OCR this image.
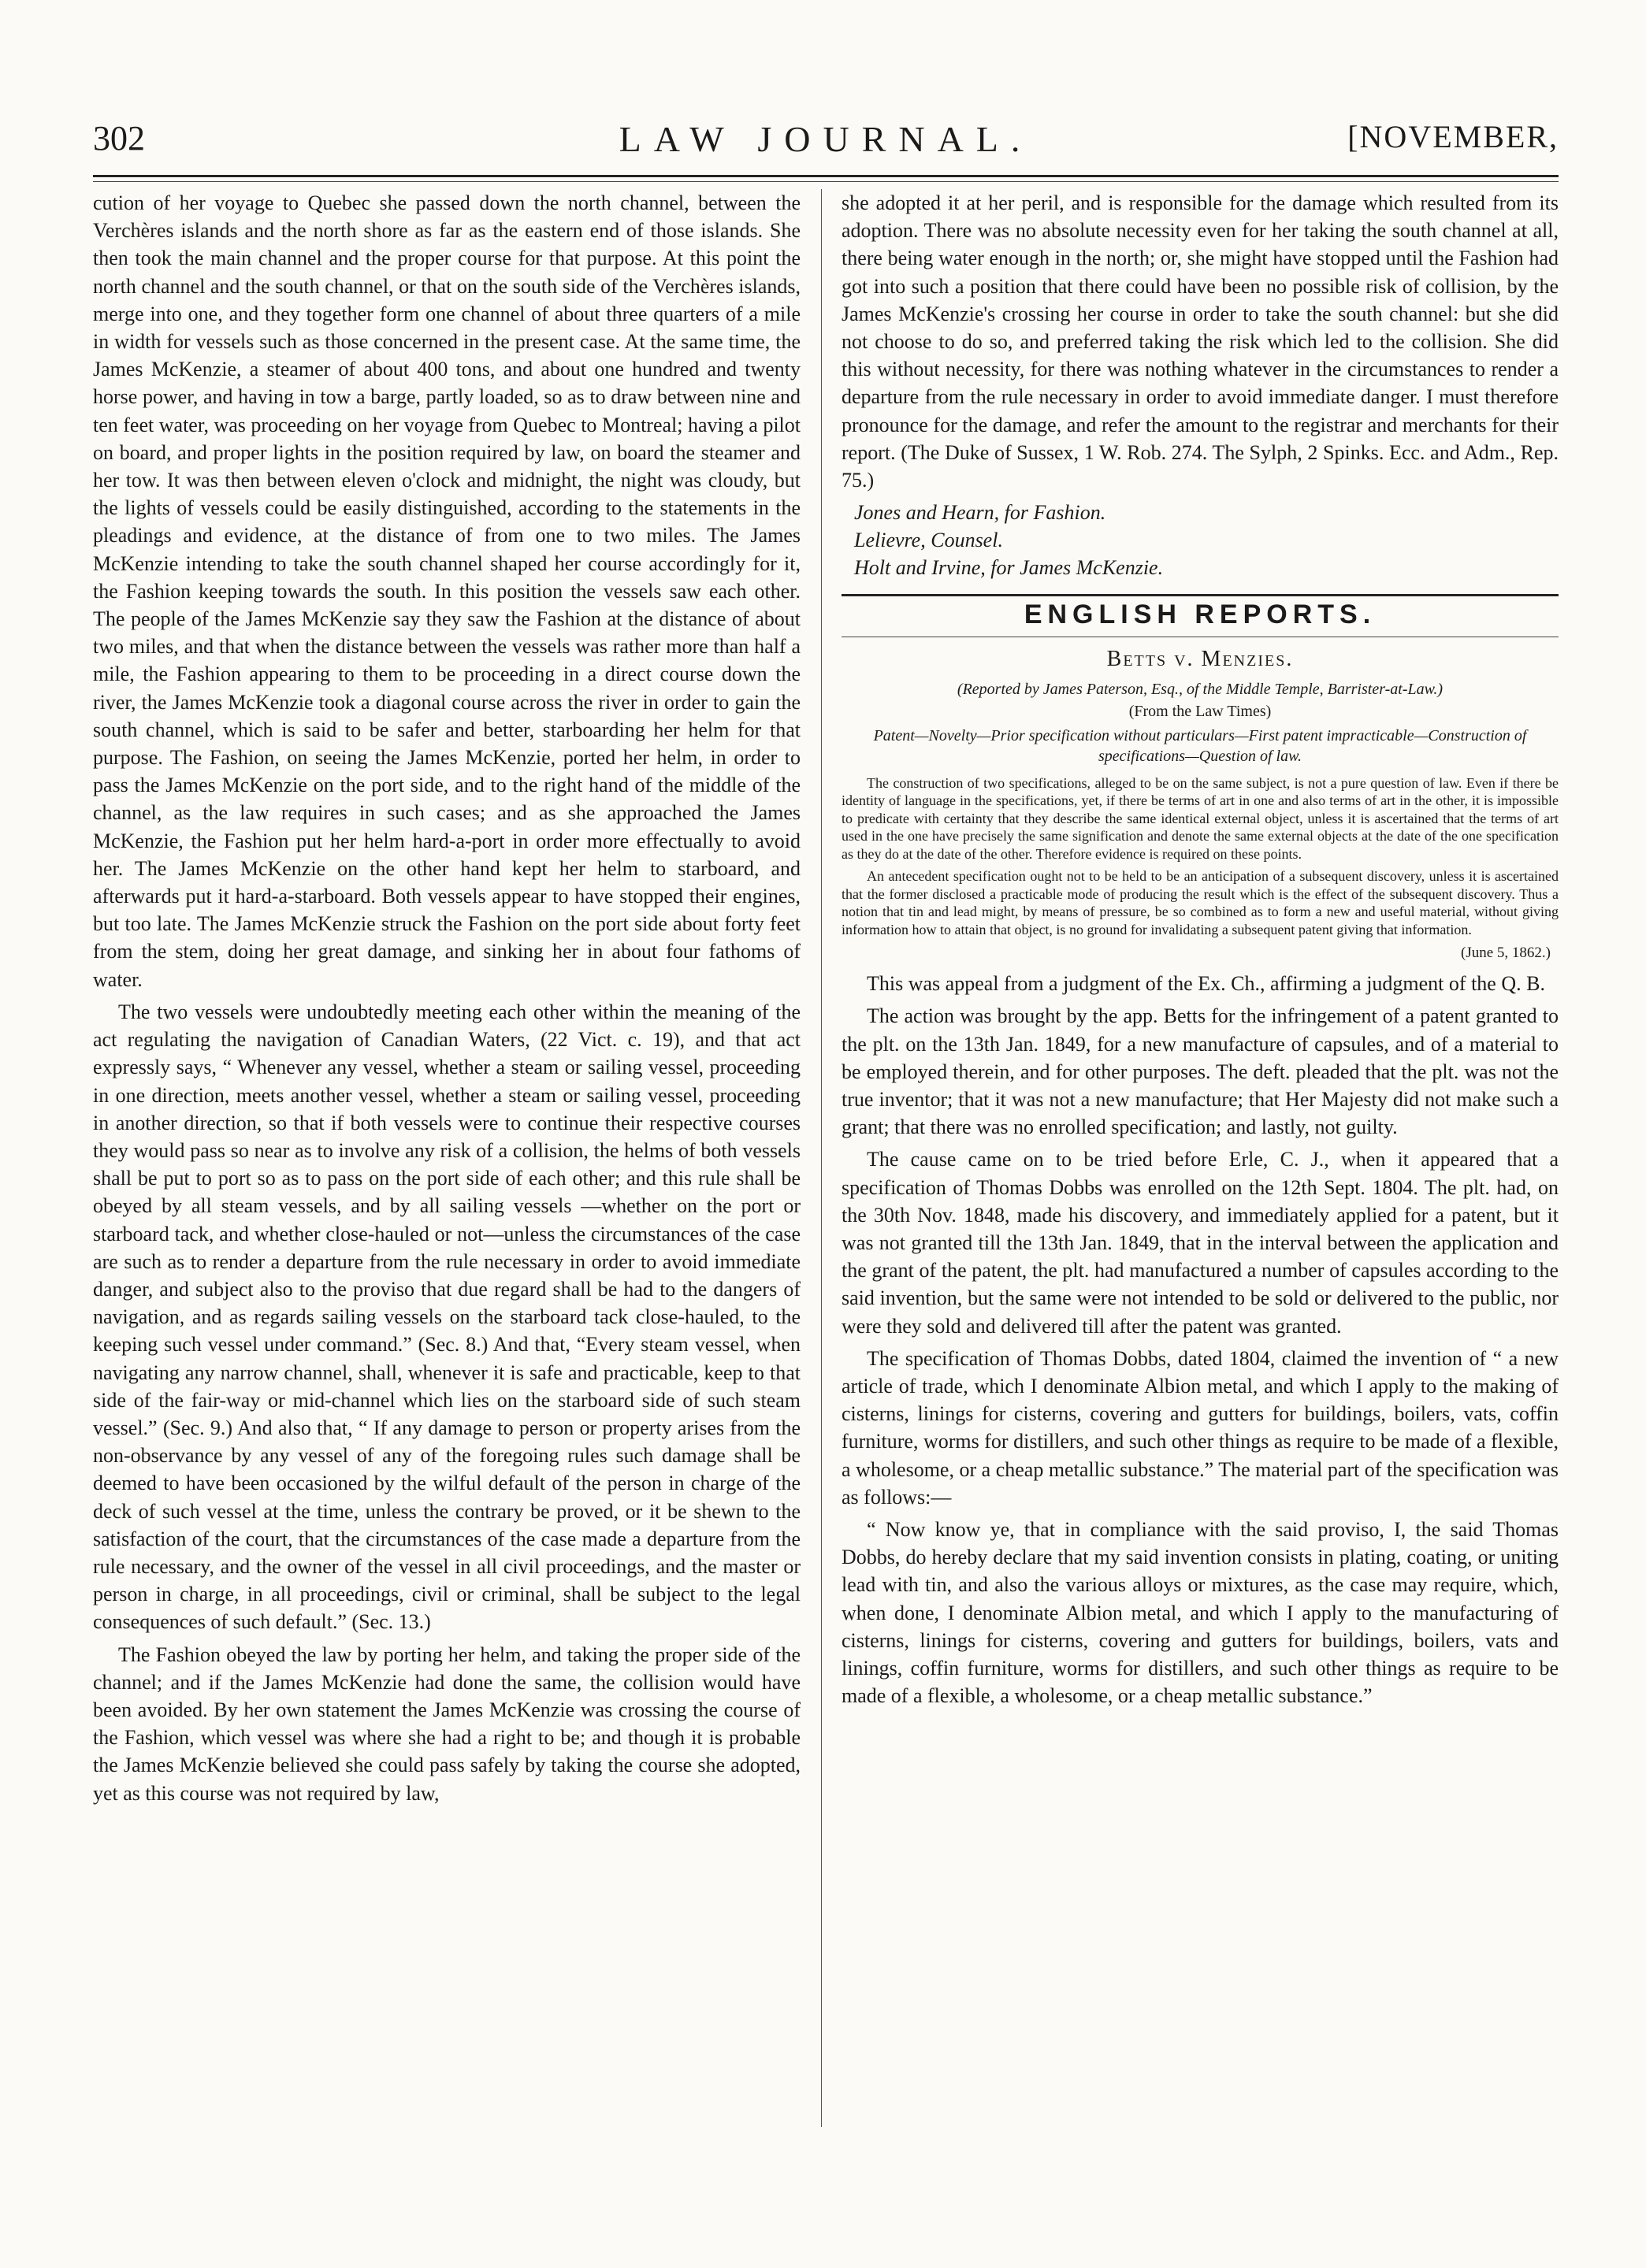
302	LAW JOURNAL.	[NOVEMBER,

cution of her voyage to Quebec she passed down the north channel, between the Verchères islands and the north shore as far as the eastern end of those islands. She then took the main channel and the proper course for that purpose. At this point the north channel and the south channel, or that on the south side of the Verchères islands, merge into one, and they together form one channel of about three quarters of a mile in width for vessels such as those concerned in the present case. At the same time, the James McKenzie, a steamer of about 400 tons, and about one hundred and twenty horse power, and having in tow a barge, partly loaded, so as to draw between nine and ten feet water, was proceeding on her voyage from Quebec to Montreal; having a pilot on board, and proper lights in the position required by law, on board the steamer and her tow. It was then between eleven o'clock and midnight, the night was cloudy, but the lights of vessels could be easily distinguished, according to the statements in the pleadings and evidence, at the distance of from one to two miles. The James McKenzie intending to take the south channel shaped her course accordingly for it, the Fashion keeping towards the south. In this position the vessels saw each other. The people of the James McKenzie say they saw the Fashion at the distance of about two miles, and that when the distance between the vessels was rather more than half a mile, the Fashion appearing to them to be proceeding in a direct course down the river, the James McKenzie took a diagonal course across the river in order to gain the south channel, which is said to be safer and better, starboarding her helm for that purpose. The Fashion, on seeing the James McKenzie, ported her helm, in order to pass the James McKenzie on the port side, and to the right hand of the middle of the channel, as the law requires in such cases; and as she approached the James McKenzie, the Fashion put her helm hard-a-port in order more effectually to avoid her. The James McKenzie on the other hand kept her helm to starboard, and afterwards put it hard-a-starboard. Both vessels appear to have stopped their engines, but too late. The James McKenzie struck the Fashion on the port side about forty feet from the stem, doing her great damage, and sinking her in about four fathoms of water.

The two vessels were undoubtedly meeting each other within the meaning of the act regulating the navigation of Canadian Waters, (22 Vict. c. 19), and that act expressly says, “ Whenever any vessel, whether a steam or sailing vessel, proceeding in one direction, meets another vessel, whether a steam or sailing vessel, proceeding in another direction, so that if both vessels were to continue their respective courses they would pass so near as to involve any risk of a collision, the helms of both vessels shall be put to port so as to pass on the port side of each other; and this rule shall be obeyed by all steam vessels, and by all sailing vessels —whether on the port or starboard tack, and whether close-hauled or not—unless the circumstances of the case are such as to render a departure from the rule necessary in order to avoid immediate danger, and subject also to the proviso that due regard shall be had to the dangers of navigation, and as regards sailing vessels on the starboard tack close-hauled, to the keeping such vessel under command.” (Sec. 8.) And that, “Every steam vessel, when navigating any narrow channel, shall, whenever it is safe and practicable, keep to that side of the fair-way or mid-channel which lies on the starboard side of such steam vessel.” (Sec. 9.) And also that, “ If any damage to person or property arises from the non-observance by any vessel of any of the foregoing rules such damage shall be deemed to have been occasioned by the wilful default of the person in charge of the deck of such vessel at the time, unless the contrary be proved, or it be shewn to the satisfaction of the court, that the circumstances of the case made a departure from the rule necessary, and the owner of the vessel in all civil proceedings, and the master or person in charge, in all proceedings, civil or criminal, shall be subject to the legal consequences of such default.” (Sec. 13.)

The Fashion obeyed the law by porting her helm, and taking the proper side of the channel; and if the James McKenzie had done the same, the collision would have been avoided. By her own statement the James McKenzie was crossing the course of the Fashion, which vessel was where she had a right to be; and though it is probable the James McKenzie believed she could pass safely by taking the course she adopted, yet as this course was not required by law,

she adopted it at her peril, and is responsible for the damage which resulted from its adoption. There was no absolute necessity even for her taking the south channel at all, there being water enough in the north; or, she might have stopped until the Fashion had got into such a position that there could have been no possible risk of collision, by the James McKenzie's crossing her course in order to take the south channel: but she did not choose to do so, and preferred taking the risk which led to the collision. She did this without necessity, for there was nothing whatever in the circumstances to render a departure from the rule necessary in order to avoid immediate danger. I must therefore pronounce for the damage, and refer the amount to the registrar and merchants for their report. (The Duke of Sussex, 1 W. Rob. 274. The Sylph, 2 Spinks. Ecc. and Adm., Rep. 75.)

Jones and Hearn, for Fashion.
Lelievre, Counsel.
Holt and Irvine, for James McKenzie.
ENGLISH REPORTS.
Betts v. Menzies.
(Reported by James Paterson, Esq., of the Middle Temple, Barrister-at-Law.)
(From the Law Times)
Patent—Novelty—Prior specification without particulars—First patent impracticable—Construction of specifications—Question of law.

The construction of two specifications, alleged to be on the same subject, is not a pure question of law. Even if there be identity of language in the specifications, yet, if there be terms of art in one and also terms of art in the other, it is impossible to predicate with certainty that they describe the same identical external object, unless it is ascertained that the terms of art used in the one have precisely the same signification and denote the same external objects at the date of the one specification as they do at the date of the other. Therefore evidence is required on these points.

An antecedent specification ought not to be held to be an anticipation of a subsequent discovery, unless it is ascertained that the former disclosed a practicable mode of producing the result which is the effect of the subsequent discovery. Thus a notion that tin and lead might, by means of pressure, be so combined as to form a new and useful material, without giving information how to attain that object, is no ground for invalidating a subsequent patent giving that information.

(June 5, 1862.)

This was appeal from a judgment of the Ex. Ch., affirming a judgment of the Q. B.

The action was brought by the app. Betts for the infringement of a patent granted to the plt. on the 13th Jan. 1849, for a new manufacture of capsules, and of a material to be employed therein, and for other purposes. The deft. pleaded that the plt. was not the true inventor; that it was not a new manufacture; that Her Majesty did not make such a grant; that there was no enrolled specification; and lastly, not guilty.

The cause came on to be tried before Erle, C. J., when it appeared that a specification of Thomas Dobbs was enrolled on the 12th Sept. 1804. The plt. had, on the 30th Nov. 1848, made his discovery, and immediately applied for a patent, but it was not granted till the 13th Jan. 1849, that in the interval between the application and the grant of the patent, the plt. had manufactured a number of capsules according to the said invention, but the same were not intended to be sold or delivered to the public, nor were they sold and delivered till after the patent was granted.

The specification of Thomas Dobbs, dated 1804, claimed the invention of “ a new article of trade, which I denominate Albion metal, and which I apply to the making of cisterns, linings for cisterns, covering and gutters for buildings, boilers, vats, coffin furniture, worms for distillers, and such other things as require to be made of a flexible, a wholesome, or a cheap metallic substance.” The material part of the specification was as follows:—

“ Now know ye, that in compliance with the said proviso, I, the said Thomas Dobbs, do hereby declare that my said invention consists in plating, coating, or uniting lead with tin, and also the various alloys or mixtures, as the case may require, which, when done, I denominate Albion metal, and which I apply to the manufacturing of cisterns, linings for cisterns, covering and gutters for buildings, boilers, vats and linings, coffin furniture, worms for distillers, and such other things as require to be made of a flexible, a wholesome, or a cheap metallic substance.”
